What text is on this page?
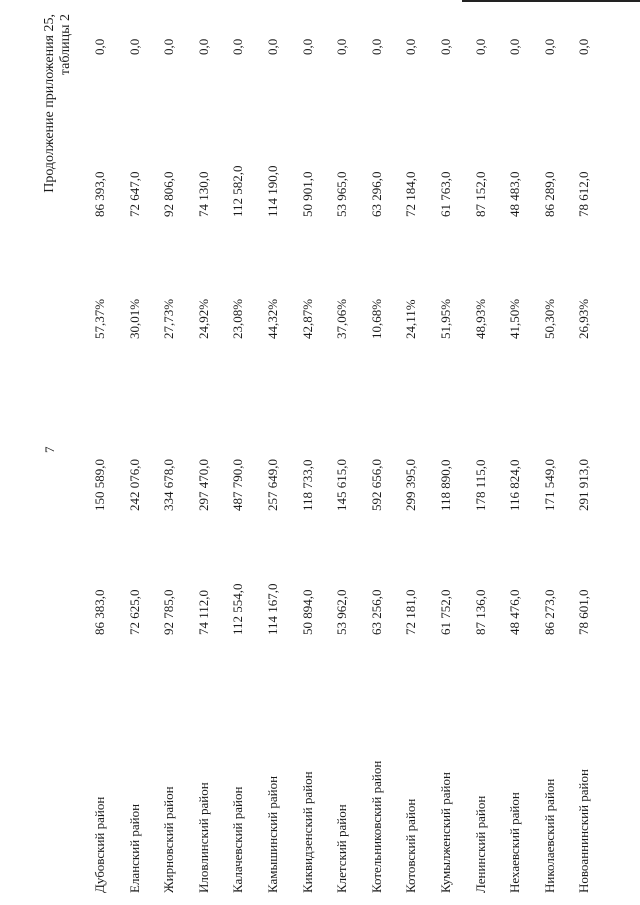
7
Продолжение приложения 25, таблицы 2
Дубовский район
86 383,0
150 589,0
57,37%
86 393,0
0,0
Еланский район
72 625,0
242 076,0
30,01%
72 647,0
0,0
Жирновский район
92 785,0
334 678,0
27,73%
92 806,0
0,0
Иловлинский район
74 112,0
297 470,0
24,92%
74 130,0
0,0
Калачевский район
112 554,0
487 790,0
23,08%
112 582,0
0,0
Камышинский район
114 167,0
257 649,0
44,32%
114 190,0
0,0
Киквидзенский район
50 894,0
118 733,0
42,87%
50 901,0
0,0
Клетский район
53 962,0
145 615,0
37,06%
53 965,0
0,0
Котельниковский район
63 256,0
592 656,0
10,68%
63 296,0
0,0
Котовский район
72 181,0
299 395,0
24,11%
72 184,0
0,0
Кумылженский район
61 752,0
118 890,0
51,95%
61 763,0
0,0
Ленинский район
87 136,0
178 115,0
48,93%
87 152,0
0,0
Нехаевский район
48 476,0
116 824,0
41,50%
48 483,0
0,0
Николаевский район
86 273,0
171 549,0
50,30%
86 289,0
0,0
Новоаннинский район
78 601,0
291 913,0
26,93%
78 612,0
0,0
